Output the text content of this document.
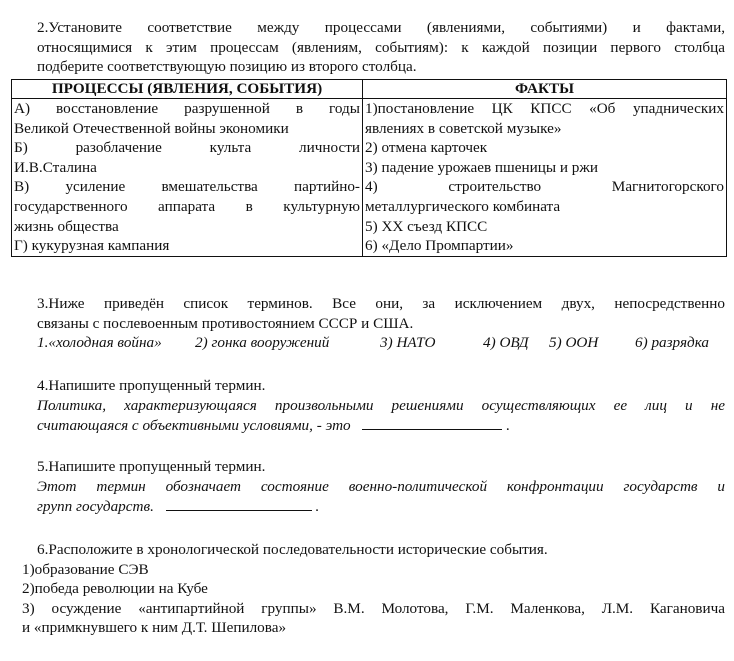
2.Установите соответствие между процессами (явлениями, событиями) и фактами,
относящимися к этим процессам (явлениям, событиям): к каждой позиции первого столбца
подберите соответствующую позицию из второго столбца.
ПРОЦЕССЫ (ЯВЛЕНИЯ, СОБЫТИЯ)	ФАКТЫ

А) восстановление разрушенной в годы
Великой Отечественной войны экономики	1)постановление ЦК КПСС «Об упаднических
явлениях в советской музыке»

Б) разоблачение культа личности
И.В.Сталина	2) отмена карточек
3) падение урожаев пшеницы и ржи

В) усиление вмешательства партийно-
государственного аппарата в культурную
жизнь общества	4) строительство Магнитогорского
металлургического комбината
5) XX съезд КПСС

Г) кукурузная кампания	6) «Дело Промпартии»
3.Ниже приведён список терминов. Все они, за исключением двух, непосредственно
связаны с послевоенным противостоянием СССР и США.
1.«холодная война» 2) гонка вооружений	3) НАТО	4) ОВД 5) ООН 6) разрядка
4.Напишите пропущенный термин.
Политика, характеризующаяся произвольными решениями осуществляющих ее лиц и не
считающаяся с объективными условиями, - это	.
5.Напишите пропущенный термин.
Этот термин обозначает состояние военно-политической конфронтации государств и
групп государств.	.
6.Расположите в хронологической последовательности исторические события.
1)образование СЭВ
2)победа революции на Кубе
3) осуждение «антипартийной группы» В.М. Молотова, Г.М. Маленкова, Л.М. Кагановича
и «примкнувшего к ним Д.Т. Шепилова»
